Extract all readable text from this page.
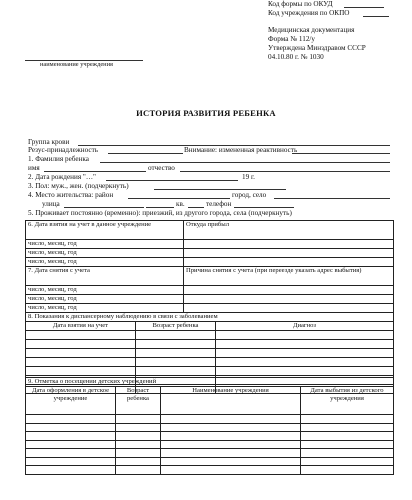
Код формы по ОКУД
Код учреждения по ОКПО
Медицинская документация
Форма № 112/у
Утверждена Минздравом СССР
04.10.80 г. № 1030
наименование учреждения
ИСТОРИЯ РАЗВИТИЯ РЕБЕНКА
Группа крови
Резус-принадлежность	Внимание: измененная реактивность
1. Фамилия ребенка
имя	отчество
2. Дата рождения "…"	19 г.
3. Пол: муж., жен. (подчеркнуть)
4. Место жительства: район	город, село
улица	кв.	телефон
5. Проживает постоянно (временно): приезжий, из другого города, села (подчеркнуть)
6. Дата взятия на учет в данное учреждение	Откуда прибыл
число, месяц, год	
число, месяц, год	
число, месяц, год	
7. Дата снятия с учета	Причина снятия с учета (при переезде указать адрес выбытия)
число, месяц, год	
число, месяц, год	
число, месяц, год	
8. Показания к диспансерному наблюдению в связи с заболеванием		
Дата взятия на учет	Возраст ребенка	Диагноз

9. Отметка о посещении детских учреждений			
Дата оформления в детское учреждение	Возраст ребенка	Наименование учреждения	Дата выбытия из детского учреждения
